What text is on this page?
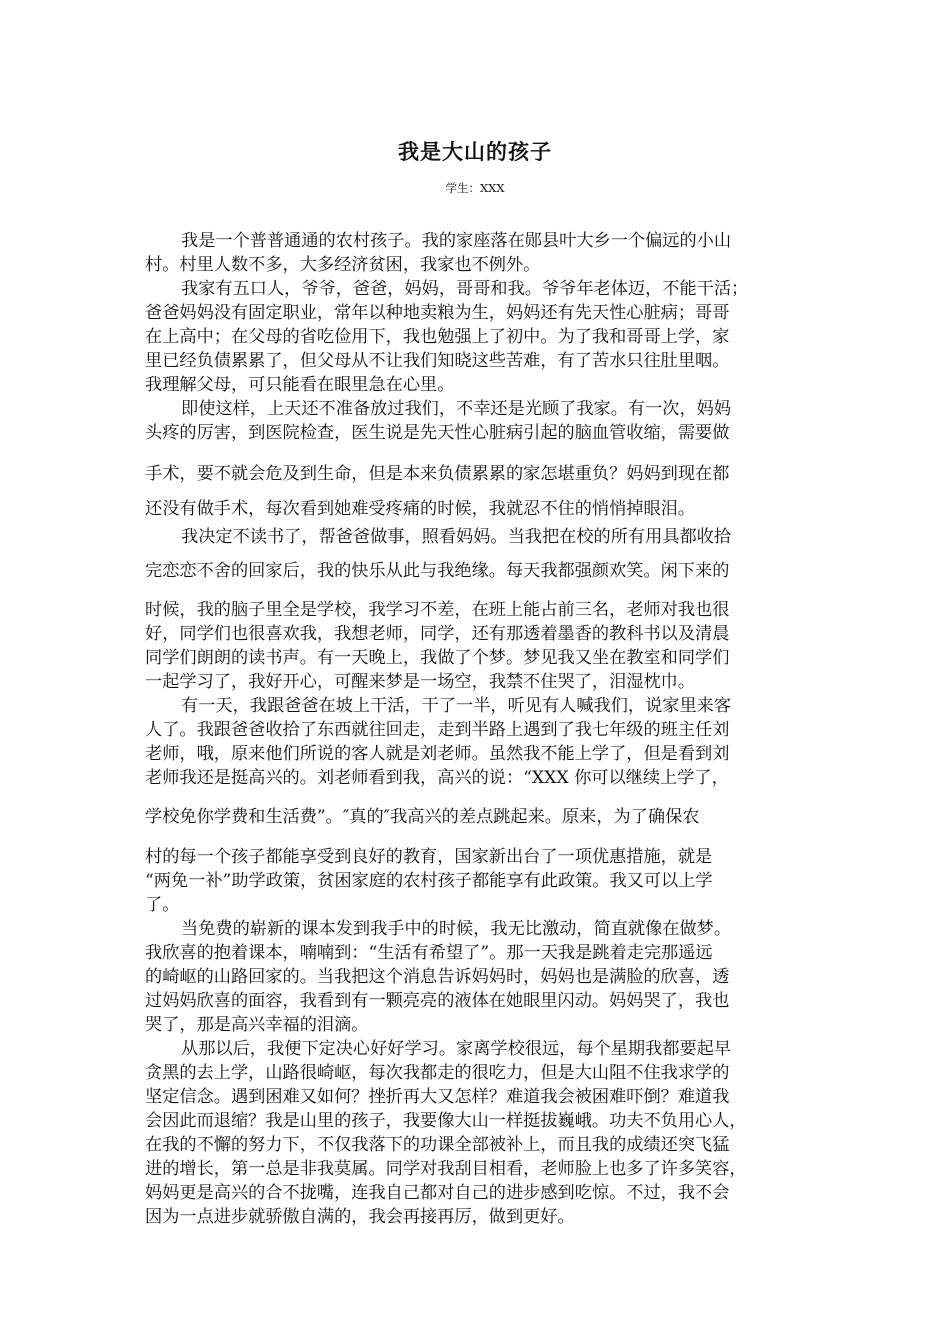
我是大山的孩子
学生：XXX
我是一个普普通通的农村孩子。我的家座落在郧县叶大乡一个偏远的小山
村。村里人数不多，大多经济贫困，我家也不例外。
我家有五口人，爷爷，爸爸，妈妈，哥哥和我。爷爷年老体迈，不能干活；
爸爸妈妈没有固定职业，常年以种地卖粮为生，妈妈还有先天性心脏病；哥哥
在上高中；在父母的省吃俭用下，我也勉强上了初中。为了我和哥哥上学，家
里已经负债累累了，但父母从不让我们知晓这些苦难，有了苦水只往肚里咽。
我理解父母，可只能看在眼里急在心里。
即使这样，上天还不准备放过我们，不幸还是光顾了我家。有一次，妈妈
头疼的厉害，到医院检查，医生说是先天性心脏病引起的脑血管收缩，需要做
手术，要不就会危及到生命，但是本来负债累累的家怎堪重负？妈妈到现在都
还没有做手术，每次看到她难受疼痛的时候，我就忍不住的悄悄掉眼泪。
我决定不读书了，帮爸爸做事，照看妈妈。当我把在校的所有用具都收拾
完恋恋不舍的回家后，我的快乐从此与我绝缘。每天我都强颜欢笑。闲下来的
时候，我的脑子里全是学校，我学习不差，在班上能占前三名，老师对我也很
好，同学们也很喜欢我，我想老师，同学，还有那透着墨香的教科书以及清晨
同学们朗朗的读书声。有一天晚上，我做了个梦。梦见我又坐在教室和同学们
一起学习了，我好开心，可醒来梦是一场空，我禁不住哭了，泪湿枕巾。
有一天，我跟爸爸在坡上干活，干了一半，听见有人喊我们，说家里来客
人了。我跟爸爸收拾了东西就往回走，走到半路上遇到了我七年级的班主任刘
老师，哦，原来他们所说的客人就是刘老师。虽然我不能上学了，但是看到刘
老师我还是挺高兴的。刘老师看到我，高兴的说：“XXX 你可以继续上学了，
学校免你学费和生活费”。″真的″我高兴的差点跳起来。原来，为了确保农
村的每一个孩子都能享受到良好的教育，国家新出台了一项优惠措施，就是
“两免一补”助学政策，贫困家庭的农村孩子都能享有此政策。我又可以上学
了。
当免费的崭新的课本发到我手中的时候，我无比激动，简直就像在做梦。
我欣喜的抱着课本，喃喃到：“生活有希望了”。那一天我是跳着走完那遥远
的崎岖的山路回家的。当我把这个消息告诉妈妈时，妈妈也是满脸的欣喜，透
过妈妈欣喜的面容，我看到有一颗亮亮的液体在她眼里闪动。妈妈哭了，我也
哭了，那是高兴幸福的泪滴。
从那以后，我便下定决心好好学习。家离学校很远，每个星期我都要起早
贪黑的去上学，山路很崎岖，每次我都走的很吃力，但是大山阻不住我求学的
坚定信念。遇到困难又如何？挫折再大又怎样？难道我会被困难吓倒？难道我
会因此而退缩？我是山里的孩子，我要像大山一样挺拔巍峨。功夫不负用心人，
在我的不懈的努力下，不仅我落下的功课全部被补上，而且我的成绩还突飞猛
进的增长，第一总是非我莫属。同学对我刮目相看，老师脸上也多了许多笑容，
妈妈更是高兴的合不拢嘴，连我自己都对自己的进步感到吃惊。不过，我不会
因为一点进步就骄傲自满的，我会再接再厉，做到更好。
